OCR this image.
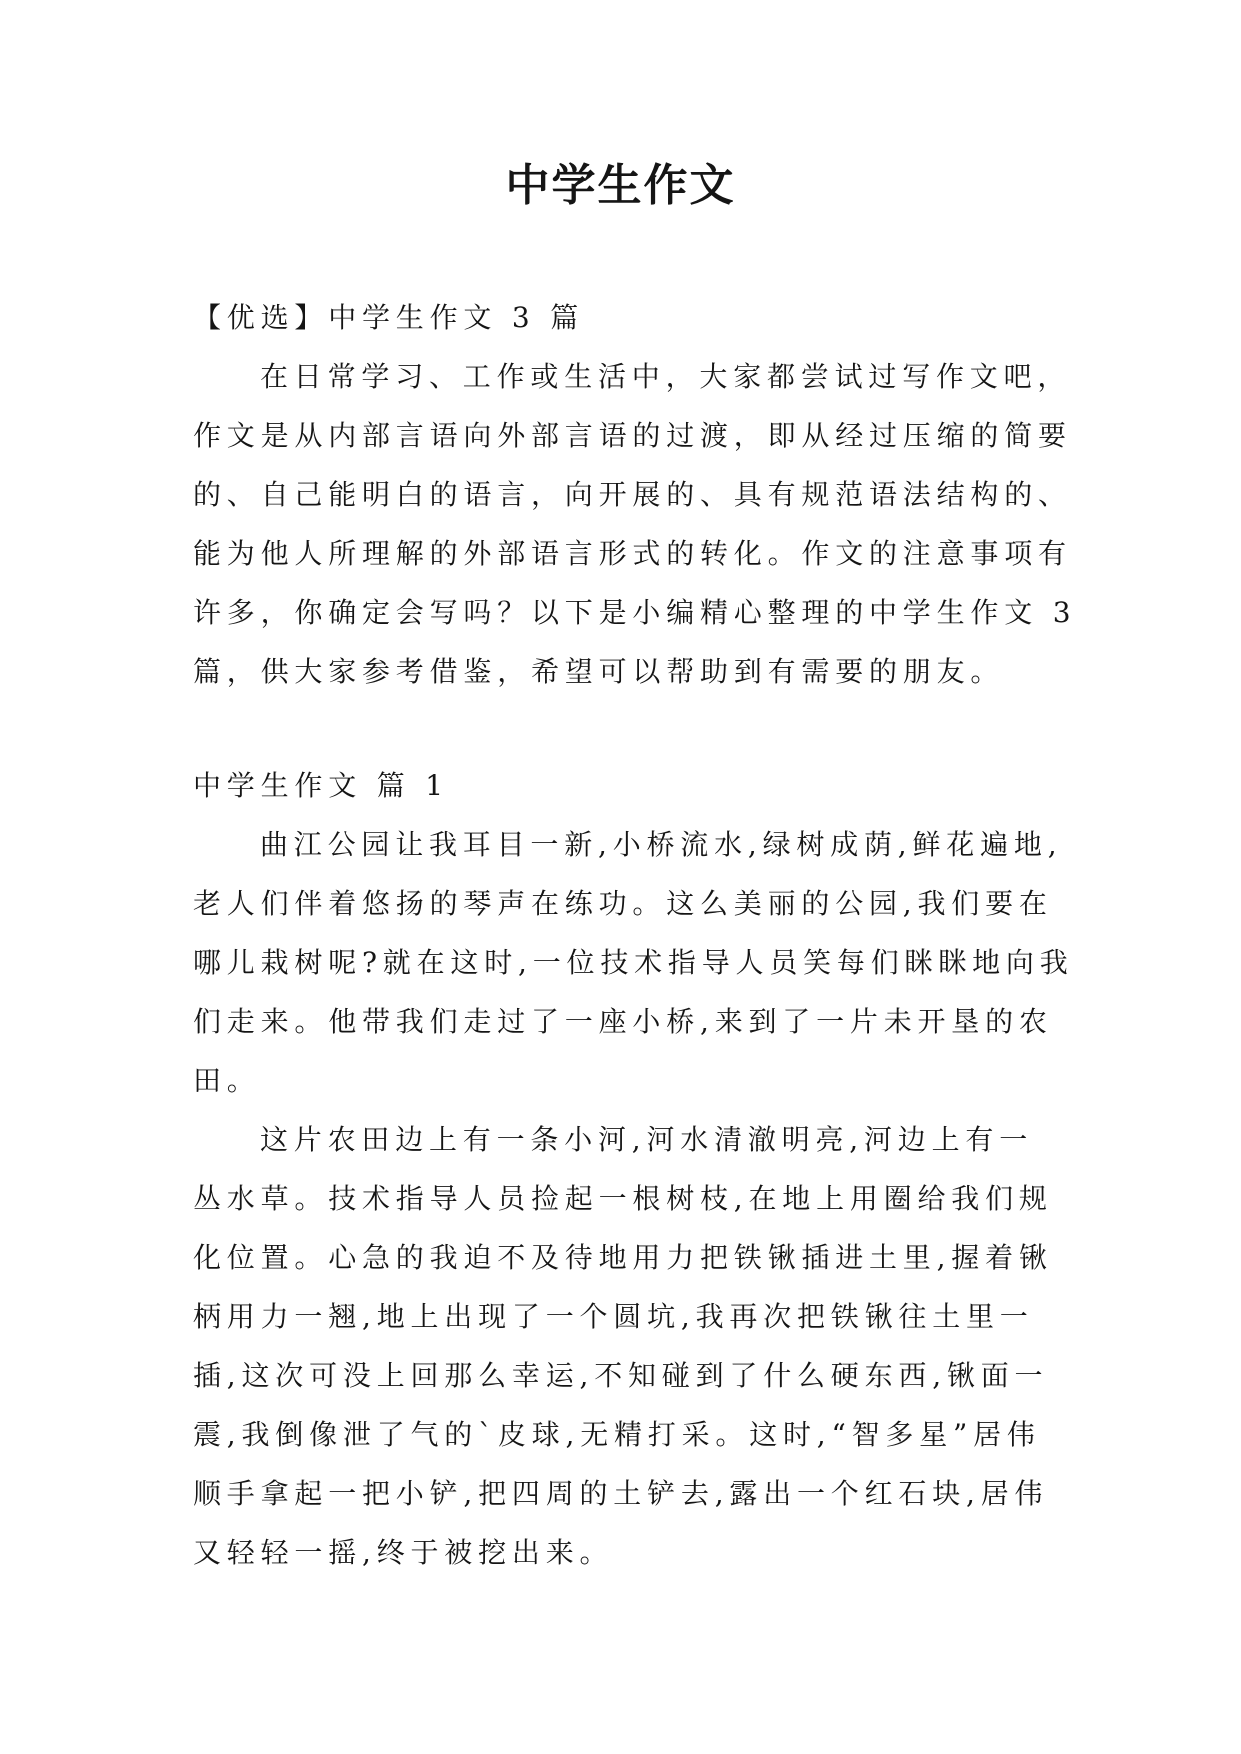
中学生作文
【优选】中学生作文 3 篇
在日常学习、工作或生活中，大家都尝试过写作文吧，
作文是从内部言语向外部言语的过渡，即从经过压缩的简要
的、自己能明白的语言，向开展的、具有规范语法结构的、
能为他人所理解的外部语言形式的转化。作文的注意事项有
许多，你确定会写吗？以下是小编精心整理的中学生作文 3
篇，供大家参考借鉴，希望可以帮助到有需要的朋友。
中学生作文 篇 1
曲江公园让我耳目一新,小桥流水,绿树成荫,鲜花遍地,
老人们伴着悠扬的琴声在练功。这么美丽的公园,我们要在
哪儿栽树呢?就在这时,一位技术指导人员笑每们眯眯地向我
们走来。他带我们走过了一座小桥,来到了一片未开垦的农
田。
这片农田边上有一条小河,河水清澈明亮,河边上有一
丛水草。技术指导人员捡起一根树枝,在地上用圈给我们规
化位置。心急的我迫不及待地用力把铁锹插进土里,握着锹
柄用力一翘,地上出现了一个圆坑,我再次把铁锹往土里一
插,这次可没上回那么幸运,不知碰到了什么硬东西,锹面一
震,我倒像泄了气的`皮球,无精打采。这时,“智多星”居伟
顺手拿起一把小铲,把四周的土铲去,露出一个红石块,居伟
又轻轻一摇,终于被挖出来。
